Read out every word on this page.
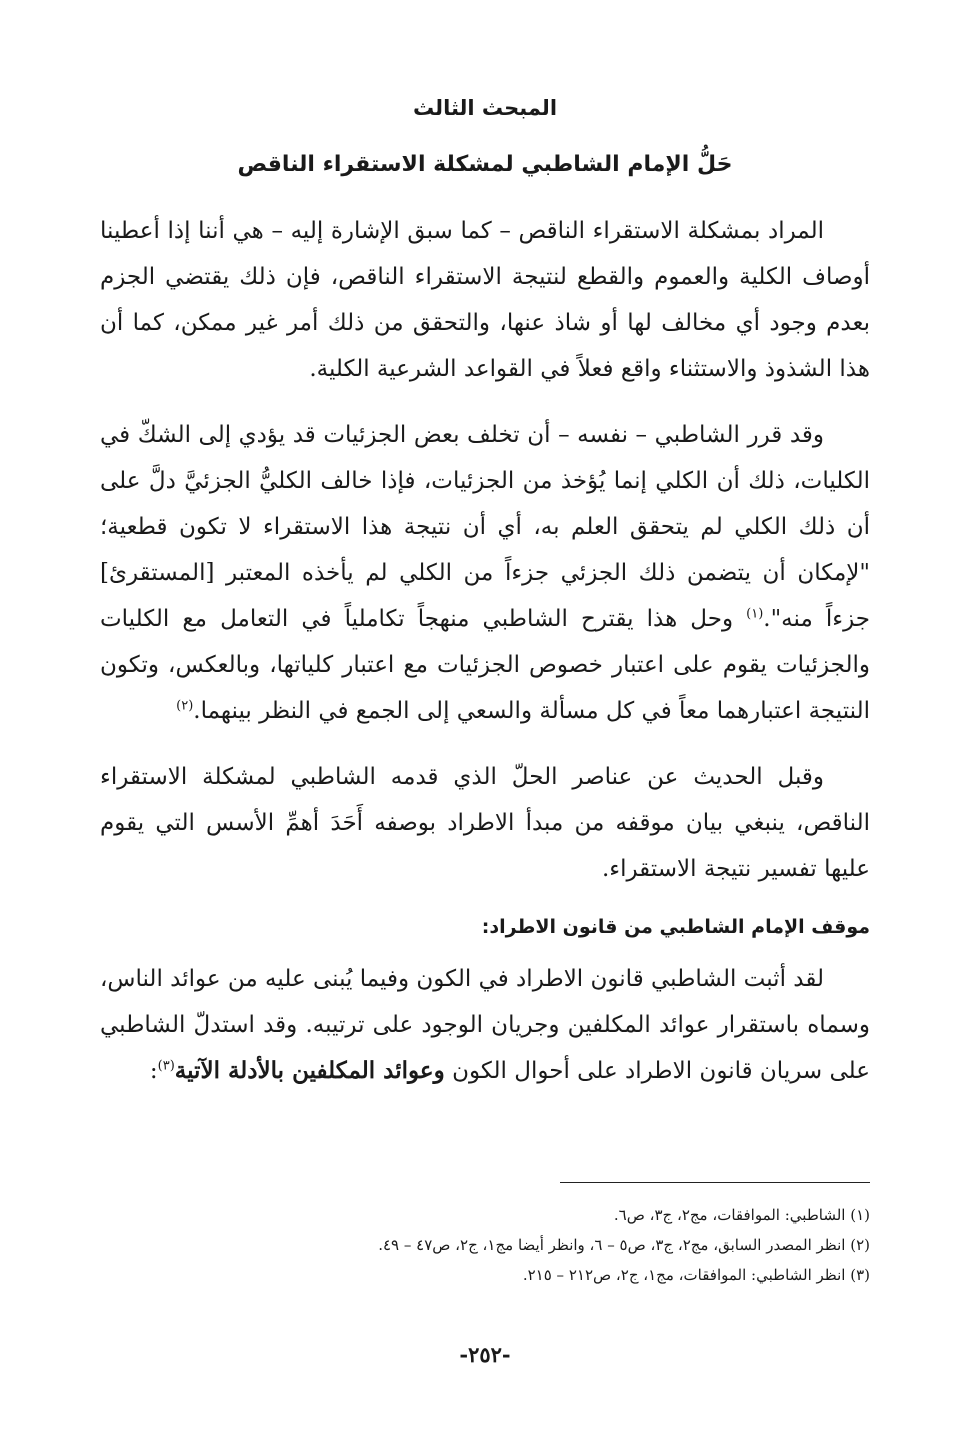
المبحث الثالث
حَلُّ الإمام الشاطبي لمشكلة الاستقراء الناقص

المراد بمشكلة الاستقراء الناقص – كما سبق الإشارة إليه – هي أننا إذا أعطينا أوصاف الكلية والعموم والقطع لنتيجة الاستقراء الناقص، فإن ذلك يقتضي الجزم بعدم وجود أي مخالف لها أو شاذ عنها، والتحقق من ذلك أمر غير ممكن، كما أن هذا الشذوذ والاستثناء واقع فعلاً في القواعد الشرعية الكلية.

وقد قرر الشاطبي – نفسه – أن تخلف بعض الجزئيات قد يؤدي إلى الشكّ في الكليات، ذلك أن الكلي إنما يُؤخذ من الجزئيات، فإذا خالف الكليُّ الجزئيَّ دلَّ على أن ذلك الكلي لم يتحقق العلم به، أي أن نتيجة هذا الاستقراء لا تكون قطعية؛ "لإمكان أن يتضمن ذلك الجزئي جزءاً من الكلي لم يأخذه المعتبر [المستقرئ] جزءاً منه".$^{(١)}$ وحل هذا يقترح الشاطبي منهجاً تكاملياً في التعامل مع الكليات والجزئيات يقوم على اعتبار خصوص الجزئيات مع اعتبار كلياتها، وبالعكس، وتكون النتيجة اعتبارهما معاً في كل مسألة والسعي إلى الجمع في النظر بينهما.$^{(٢)}$

وقبل الحديث عن عناصر الحلّ الذي قدمه الشاطبي لمشكلة الاستقراء الناقص، ينبغي بيان موقفه من مبدأ الاطراد بوصفه أَحَدَ أهمِّ الأسس التي يقوم عليها تفسير نتيجة الاستقراء.

موقف الإمام الشاطبي من قانون الاطراد:

لقد أثبت الشاطبي قانون الاطراد في الكون وفيما يُبنى عليه من عوائد الناس، وسماه باستقرار عوائد المكلفين وجريان الوجود على ترتيبه. وقد استدلّ الشاطبي على سريان قانون الاطراد على أحوال الكون وعوائد المكلفين بالأدلة الآتية$^{(٣)}$:

(١) الشاطبي: الموافقات، مج٢، ج٣، ص٦.
(٢) انظر المصدر السابق، مج٢، ج٣، ص٥ – ٦، وانظر أيضا مج١، ج٢، ص٤٧ – ٤٩.
(٣) انظر الشاطبي: الموافقات، مج١، ج٢، ص٢١٢ – ٢١٥.
-٢٥٢-
